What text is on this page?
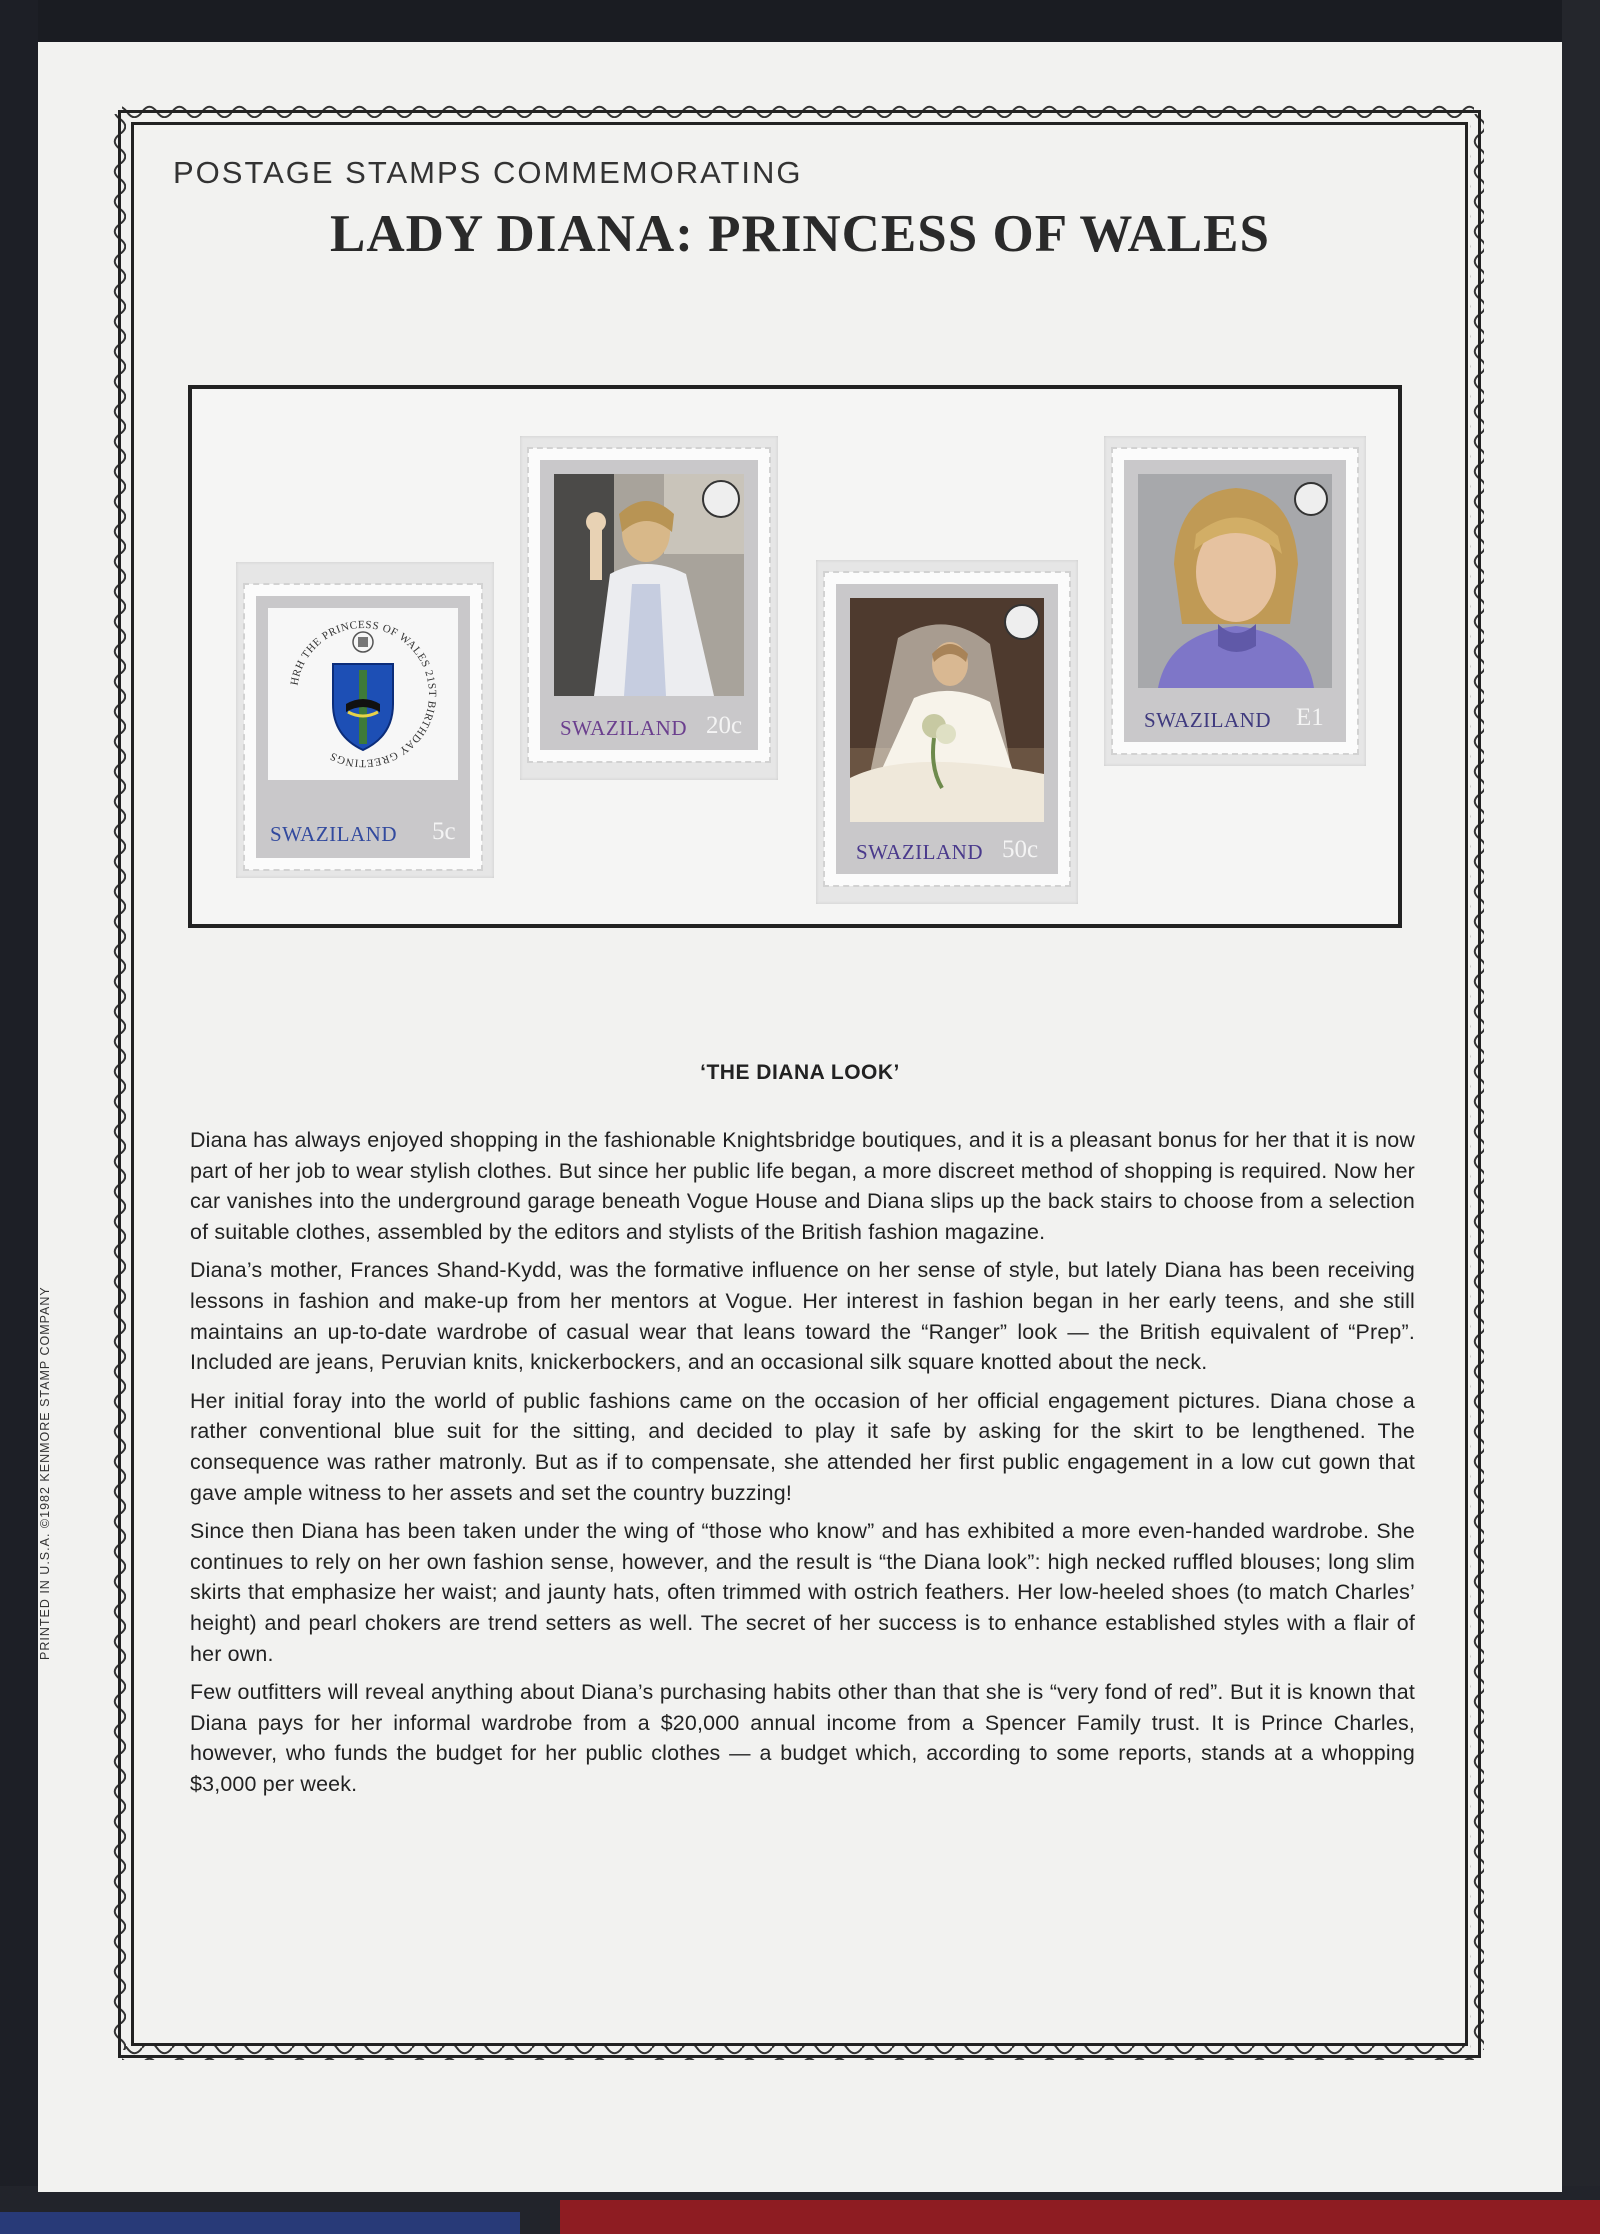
PRINTED IN U.S.A. ©1982 KENMORE STAMP COMPANY
POSTAGE STAMPS COMMEMORATING
LADY DIANA: PRINCESS OF WALES
HRH THE PRINCESS OF WALES 21ST BIRTHDAY GREETINGS
SWAZILAND 5c
SWAZILAND 20c
SWAZILAND 50c
SWAZILAND E1
‘THE DIANA LOOK’

Diana has always enjoyed shopping in the fashionable Knightsbridge boutiques, and it is a pleasant bonus for her that it is now part of her job to wear stylish clothes. But since her public life began, a more discreet method of shopping is required. Now her car vanishes into the underground garage beneath Vogue House and Diana slips up the back stairs to choose from a selection of suitable clothes, assembled by the editors and stylists of the British fashion magazine.

Diana’s mother, Frances Shand-Kydd, was the formative influence on her sense of style, but lately Diana has been receiving lessons in fashion and make-up from her mentors at Vogue. Her interest in fashion began in her early teens, and she still maintains an up-to-date wardrobe of casual wear that leans toward the “Ranger” look — the British equivalent of “Prep”. Included are jeans, Peruvian knits, knickerbockers, and an occasional silk square knotted about the neck.

Her initial foray into the world of public fashions came on the occasion of her official engagement pictures. Diana chose a rather conventional blue suit for the sitting, and decided to play it safe by asking for the skirt to be lengthened. The consequence was rather matronly. But as if to compensate, she attended her first public engagement in a low cut gown that gave ample witness to her assets and set the country buzzing!

Since then Diana has been taken under the wing of “those who know” and has exhibited a more even-handed wardrobe. She continues to rely on her own fashion sense, however, and the result is “the Diana look”: high necked ruffled blouses; long slim skirts that emphasize her waist; and jaunty hats, often trimmed with ostrich feathers. Her low-heeled shoes (to match Charles’ height) and pearl chokers are trend setters as well. The secret of her success is to enhance established styles with a flair of her own.

Few outfitters will reveal anything about Diana’s purchasing habits other than that she is “very fond of red”. But it is known that Diana pays for her informal wardrobe from a $20,000 annual income from a Spencer Family trust. It is Prince Charles, however, who funds the budget for her public clothes — a budget which, according to some reports, stands at a whopping $3,000 per week.
